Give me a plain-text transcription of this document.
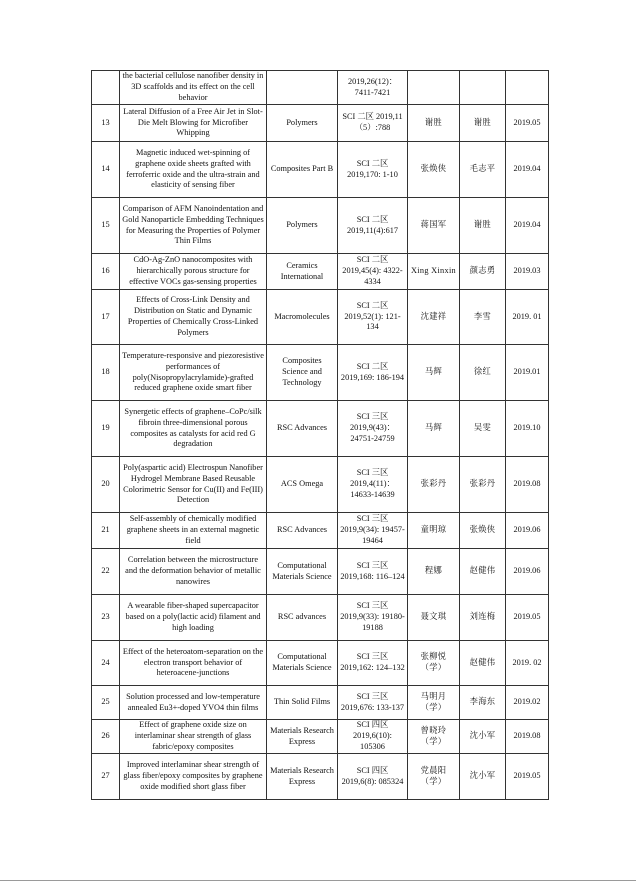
	the bacterial cellulose nanofiber density in 3D scaffolds and its effect on the cell behavior		2019,26(12)：7411-7421			
13	Lateral Diffusion of a Free Air Jet in Slot-Die Melt Blowing for Microfiber Whipping	Polymers	SCI 二区 2019,11（5）:788	谢胜	谢胜	2019.05
14	Magnetic induced wet-spinning of graphene oxide sheets grafted with ferroferric oxide and the ultra-strain and elasticity of sensing fiber	Composites Part B	SCI 二区 2019,170: 1-10	张焕侠	毛志平	2019.04
15	Comparison of AFM Nanoindentation and Gold Nanoparticle Embedding Techniques for Measuring the Properties of Polymer Thin Films	Polymers	SCI 二区 2019,11(4):617	蒋国军	谢胜	2019.04
16	CdO-Ag-ZnO nanocomposites with hierarchically porous structure for effective VOCs gas-sensing properties	Ceramics International	SCI 二区 2019,45(4): 4322-4334	Xing Xinxin	颜志勇	2019.03
17	Effects of Cross-Link Density and Distribution on Static and Dynamic Properties of Chemically Cross-Linked Polymers	Macromolecules	SCI 二区 2019,52(1): 121-134	沈建祥	李雪	2019. 01
18	Temperature-responsive and piezoresistive performances of poly(Nisopropylacrylamide)-grafted reduced graphene oxide smart fiber	Composites Science and Technology	SCI 二区 2019,169: 186-194	马辉	徐红	2019.01
19	Synergetic effects of graphene–CoPc/silk fibroin three-dimensional porous composites as catalysts for acid red G degradation	RSC Advances	SCI 三区 2019,9(43)：24751-24759	马辉	吴雯	2019.10
20	Poly(aspartic acid) Electrospun Nanofiber Hydrogel Membrane Based Reusable Colorimetric Sensor for Cu(II) and Fe(III) Detection	ACS Omega	SCI 三区 2019,4(11)：14633-14639	张彩丹	张彩丹	2019.08
21	Self-assembly of chemically modified graphene sheets in an external magnetic field	RSC Advances	SCI 三区 2019,9(34): 19457-19464	童明琼	张焕侠	2019.06
22	Correlation between the microstructure and the deformation behavior of metallic nanowires	Computational Materials Science	SCI 三区 2019,168: 116–124	程娜	赵健伟	2019.06
23	A wearable fiber-shaped supercapacitor based on a poly(lactic acid) filament and high loading	RSC advances	SCI 三区 2019,9(33): 19180-19188	聂文琪	刘连梅	2019.05
24	Effect of the heteroatom-separation on the electron transport behavior of heteroacene-junctions	Computational Materials Science	SCI 三区 2019,162: 124–132	张柳悦（学）	赵健伟	2019. 02
25	Solution processed and low-temperature annealed Eu3+-doped YVO4 thin films	Thin Solid Films	SCI 三区 2019,676: 133-137	马明月（学）	李海东	2019.02
26	Effect of graphene oxide size on interlaminar shear strength of glass fabric/epoxy composites	Materials Research Express	SCI 四区 2019,6(10): 105306	曾晓玲（学）	沈小军	2019.08
27	Improved interlaminar shear strength of glass fiber/epoxy composites by graphene oxide modified short glass fiber	Materials Research Express	SCI 四区 2019,6(8): 085324	党晨阳（学）	沈小军	2019.05
